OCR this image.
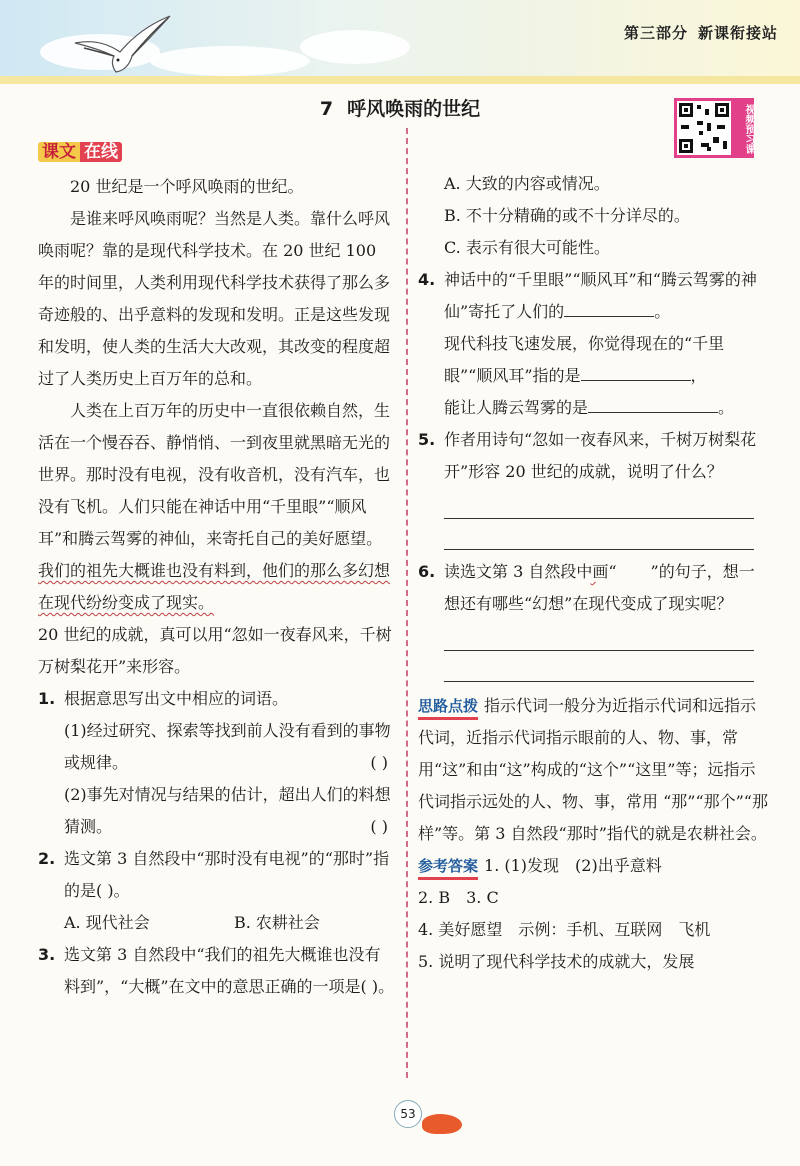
第三部分 新课衔接站
7 呼风唤雨的世纪	视频预习课
课文 在线

20 世纪是一个呼风唤雨的世纪。

是谁来呼风唤雨呢？当然是人类。靠什么呼风唤雨呢？靠的是现代科学技术。在 20 世纪 100 年的时间里，人类利用现代科学技术获得了那么多奇迹般的、出乎意料的发现和发明。正是这些发现和发明，使人类的生活大大改观，其改变的程度超过了人类历史上百万年的总和。

人类在上百万年的历史中一直很依赖自然，生活在一个慢吞吞、静悄悄、一到夜里就黑暗无光的世界。那时没有电视，没有收音机，没有汽车，也没有飞机。人们只能在神话中用“千里眼”“顺风耳”和腾云驾雾的神仙，来寄托自己的美好愿望。我们的祖先大概谁也没有料到，他们的那么多幻想在现代纷纷变成了现实。

20 世纪的成就，真可以用“忽如一夜春风来，千树万树梨花开”来形容。

1. 根据意思写出文中相应的词语。
(1)经过研究、探索等找到前人没有看到的事物或规律。	( )
(2)事先对情况与结果的估计，超出人们的料想猜测。	( )
2. 选文第 3 自然段中“那时没有电视”的“那时”指的是( )。
A. 现代社会	B. 农耕社会
3. 选文第 3 自然段中“我们的祖先大概谁也没有料到”，“大概”在文中的意思正确的一项是( )。
A. 大致的内容或情况。
B. 不十分精确的或不十分详尽的。
C. 表示有很大可能性。
4. 神话中的“千里眼”“顺风耳”和“腾云驾雾的神仙”寄托了人们的	。
现代科技飞速发展，你觉得现在的“千里眼”“顺风耳”指的是	，
能让人腾云驾雾的是	。
5. 作者用诗句“忽如一夜春风来，千树万树梨花开”形容 20 世纪的成就，说明了什么？
6. 读选文第 3 自然段中画“ ”的句子，想一想还有哪些“幻想”在现代变成了现实呢？
思路点拨 指示代词一般分为近指示代词和远指示代词，近指示代词指示眼前的人、物、事，常用“这”和由“这”构成的“这个”“这里”等；远指示代词指示远处的人、物、事，常用 “那”“那个”“那样”等。第 3 自然段“那时”指代的就是农耕社会。
参考答案 1. (1)发现　(2)出乎意料
2. B　3. C
4. 美好愿望　示例：手机、互联网　飞机
5. 说明了现代科学技术的成就大，发展
53
